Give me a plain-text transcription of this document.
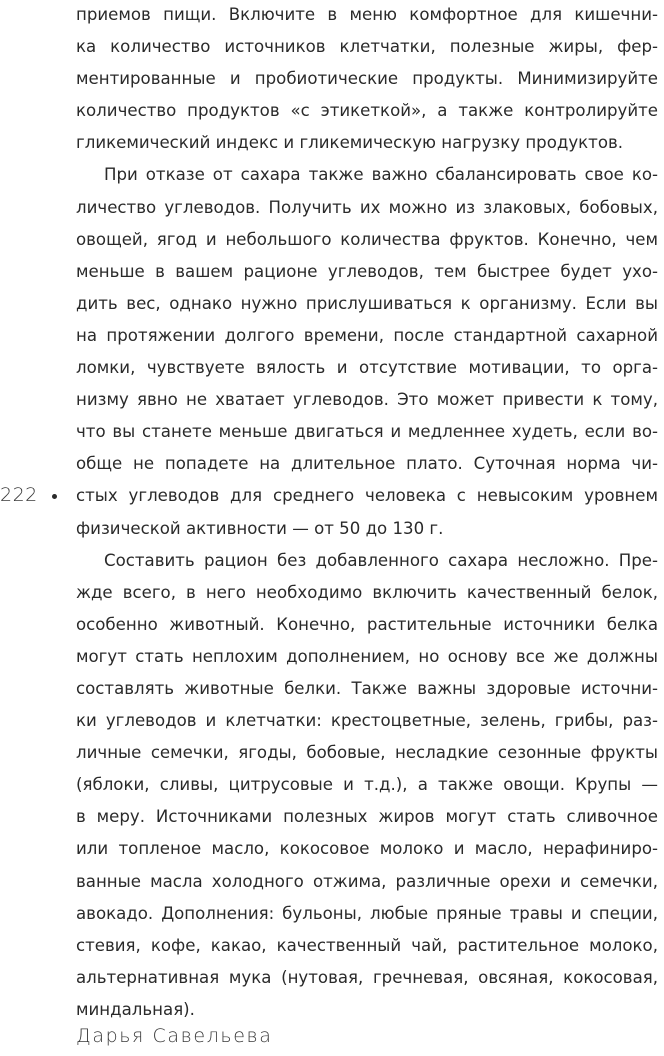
приемов пищи. Включите в меню комфортное для кишечни-
ка количество источников клетчатки, полезные жиры, фер-
ментированные и пробиотические продукты. Минимизируйте
количество продуктов «с этикеткой», а также контролируйте
гликемический индекс и гликемическую нагрузку продуктов.
При отказе от сахара также важно сбалансировать свое ко-
личество углеводов. Получить их можно из злаковых, бобовых,
овощей, ягод и небольшого количества фруктов. Конечно, чем
меньше в вашем рационе углеводов, тем быстрее будет ухо-
дить вес, однако нужно прислушиваться к организму. Если вы
на протяжении долгого времени, после стандартной сахарной
ломки, чувствуете вялость и отсутствие мотивации, то орга-
низму явно не хватает углеводов. Это может привести к тому,
что вы станете меньше двигаться и медленнее худеть, если во-
обще не попадете на длительное плато. Суточная норма чи-
стых углеводов для среднего человека с невысоким уровнем
физической активности — от 50 до 130 г.
Составить рацион без добавленного сахара несложно. Пре-
жде всего, в него необходимо включить качественный белок,
особенно животный. Конечно, растительные источники белка
могут стать неплохим дополнением, но основу все же должны
составлять животные белки. Также важны здоровые источни-
ки углеводов и клетчатки: крестоцветные, зелень, грибы, раз-
личные семечки, ягоды, бобовые, несладкие сезонные фрукты
(яблоки, сливы, цитрусовые и т.д.), а также овощи. Крупы —
в меру. Источниками полезных жиров могут стать сливочное
или топленое масло, кокосовое молоко и масло, нерафиниро-
ванные масла холодного отжима, различные орехи и семечки,
авокадо. Дополнения: бульоны, любые пряные травы и специи,
стевия, кофе, какао, качественный чай, растительное молоко,
альтернативная мука (нутовая, гречневая, овсяная, кокосовая,
миндальная).
222
Дарья Савельева
